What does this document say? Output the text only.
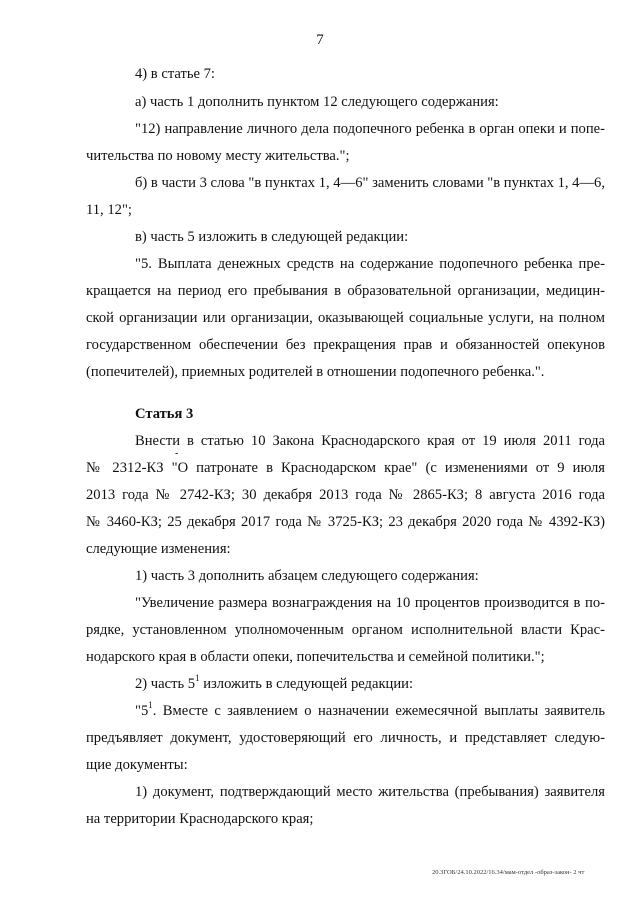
7
4) в статье 7:
а) часть 1 дополнить пунктом 12 следующего содержания:
"12) направление личного дела подопечного ребенка в орган опеки и попе-
чительства по новому месту жительства.";
б) в части 3 слова "в пунктах 1, 4—6" заменить словами "в пунктах 1, 4—6,
11, 12";
в) часть 5 изложить в следующей редакции:
"5. Выплата денежных средств на содержание подопечного ребенка пре-
кращается на период его пребывания в образовательной организации, медицин-
ской организации или организации, оказывающей социальные услуги, на полном
государственном обеспечении без прекращения прав и обязанностей опекунов
(попечителей), приемных родителей в отношении подопечного ребенка.".
Статья 3
Внести в статью 10 Закона Краснодарского края от 19 июля 2011 года
-
№ 2312-КЗ "О патронате в Краснодарском крае" (с изменениями от 9 июля
2013 года № 2742-КЗ; 30 декабря 2013 года № 2865-КЗ; 8 августа 2016 года
№ 3460-КЗ; 25 декабря 2017 года № 3725-КЗ; 23 декабря 2020 года № 4392-КЗ)
следующие изменения:
1) часть 3 дополнить абзацем следующего содержания:
"Увеличение размера вознаграждения на 10 процентов производится в по-
рядке, установленном уполномоченным органом исполнительной власти Крас-
нодарского края в области опеки, попечительства и семейной политики.";
2) часть $5^1$ изложить в следующей редакции:
"$5^1$. Вместе с заявлением о назначении ежемесячной выплаты заявитель
предъявляет документ, удостоверяющий его личность, и представляет следую-
щие документы:
1) документ, подтверждающий место жительства (пребывания) заявителя
на территории Краснодарского края;
20.ЗГОБ/24.10.2022/16.34/мам-отдел -образ-закон- 2 чт
